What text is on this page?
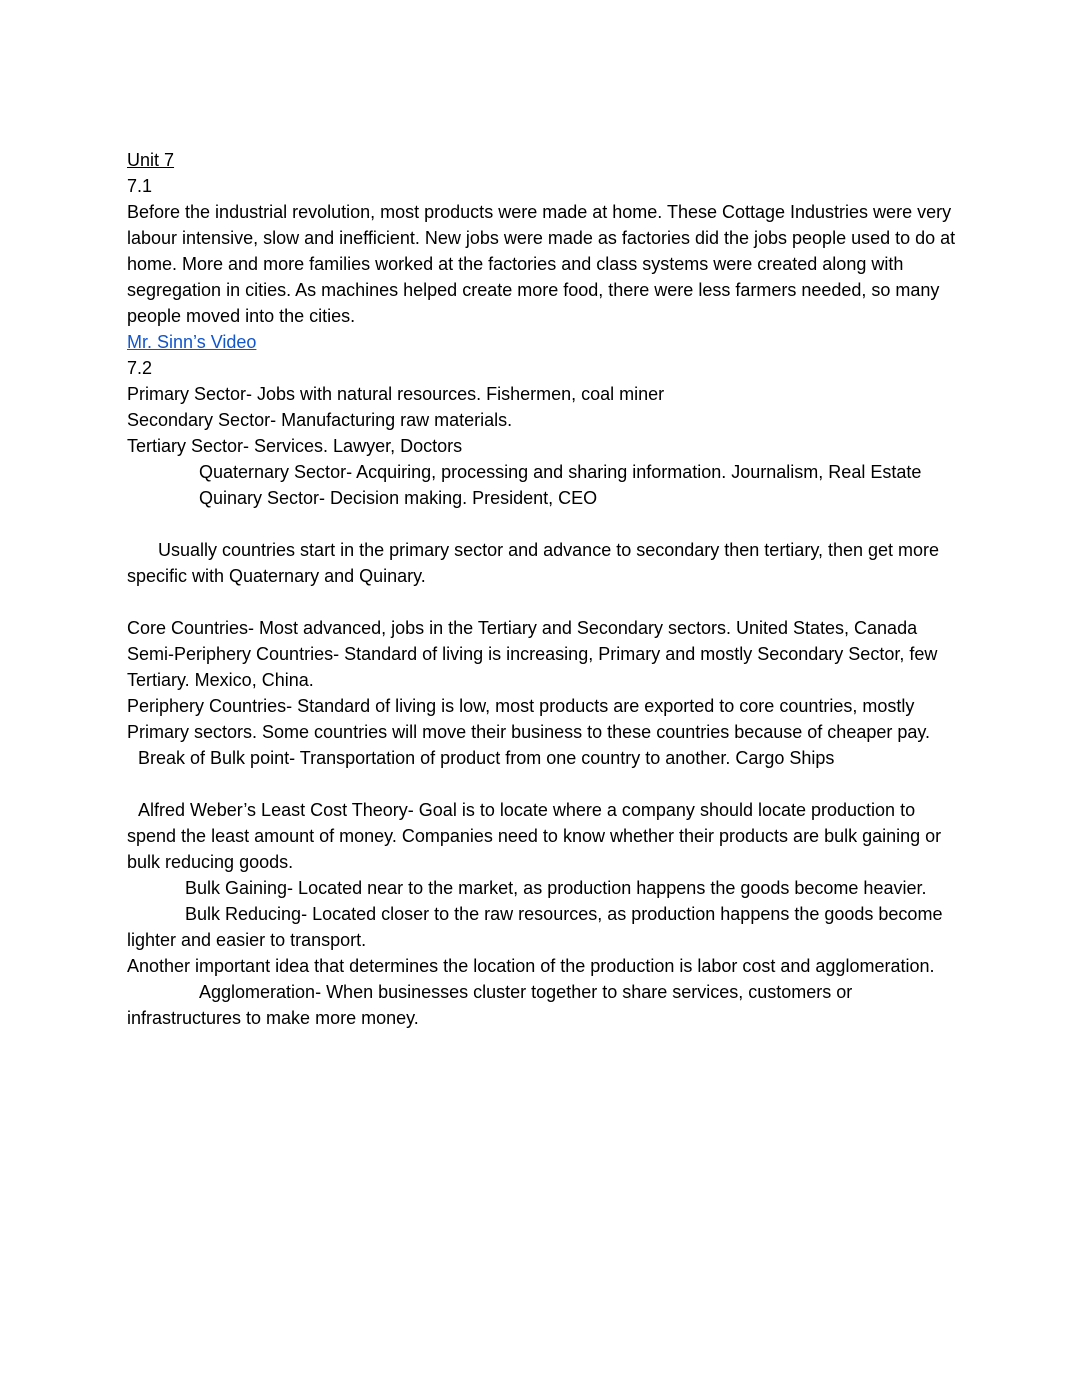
Unit 7

7.1

Before the industrial revolution, most products were made at home. These Cottage Industries were very labour intensive, slow and inefficient. New jobs were made as factories did the jobs people used to do at home. More and more families worked at the factories and class systems were created along with segregation in cities. As machines helped create more food, there were less farmers needed, so many people moved into the cities.

Mr. Sinn’s Video

7.2

Primary Sector- Jobs with natural resources. Fishermen, coal miner

Secondary Sector- Manufacturing raw materials.

Tertiary Sector- Services. Lawyer, Doctors

Quaternary Sector- Acquiring, processing and sharing information. Journalism, Real Estate

Quinary Sector- Decision making. President, CEO

Usually countries start in the primary sector and advance to secondary then tertiary, then get more specific with Quaternary and Quinary.

Core Countries- Most advanced, jobs in the Tertiary and Secondary sectors. United States, Canada

Semi-Periphery Countries- Standard of living is increasing, Primary and mostly Secondary Sector, few Tertiary. Mexico, China.

Periphery Countries- Standard of living is low, most products are exported to core countries, mostly Primary sectors. Some countries will move their business to these countries because of cheaper pay.

Break of Bulk point- Transportation of product from one country to another. Cargo Ships

Alfred Weber’s Least Cost Theory- Goal is to locate where a company should locate production to spend the least amount of money. Companies need to know whether their products are bulk gaining or bulk reducing goods.

Bulk Gaining- Located near to the market, as production happens the goods become heavier.

Bulk Reducing- Located closer to the raw resources, as production happens the goods become lighter and easier to transport.

Another important idea that determines the location of the production is labor cost and agglomeration.

Agglomeration- When businesses cluster together to share services, customers or infrastructures to make more money.
